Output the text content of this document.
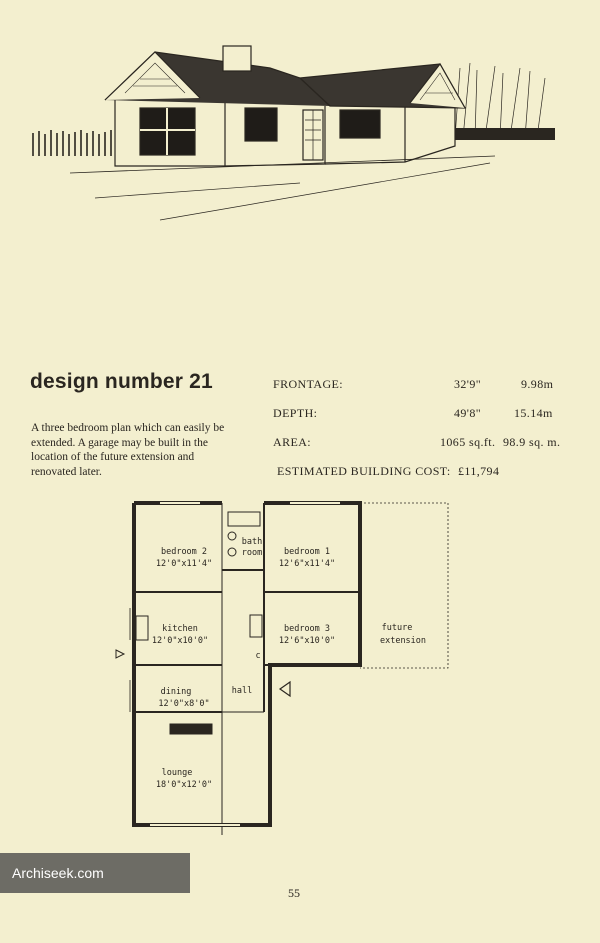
design number 21

A three bedroom plan which can easily be extended. A garage may be built in the location of the future extension and renovated later.

FRONTAGE:	32'9"	9.98m
DEPTH:	49'8"	15.14m
AREA:	1065 sq.ft. 98.9 sq. m.
ESTIMATED BUILDING COST: £11,794
bedroom 2
12'0"x11'4"
bath
room	bedroom 1
12'6"x11'4"
kitchen
12'0"x10'0"
bedroom 3
12'6"x10'0"
c
hall
dining
12'0"x8'0"
lounge
18'0"x12'0"
future
extension
Archiseek.com
55
